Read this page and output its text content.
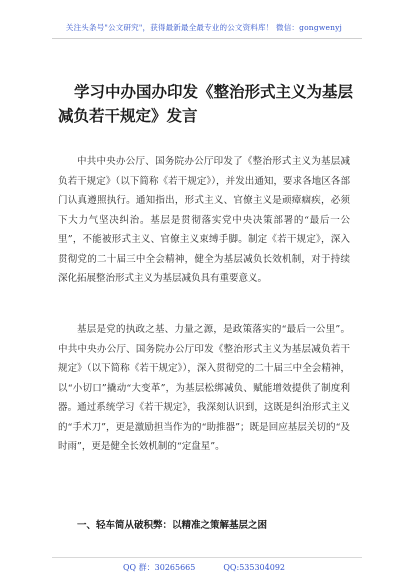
关注头条号"公文研究"，获得最新最全最专业的公文资料库！ 微信：gongwenyj
学习中办国办印发《整治形式主义为基层减负若干规定》发言

中共中央办公厅、国务院办公厅印发了《整治形式主义为基层减负若干规定》（以下简称《若干规定》），并发出通知，要求各地区各部门认真遵照执行。通知指出，形式主义、官僚主义是顽瘴痼疾，必须下大力气坚决纠治。基层是贯彻落实党中央决策部署的“最后一公里”，不能被形式主义、官僚主义束缚手脚。制定《若干规定》，深入贯彻党的二十届三中全会精神，健全为基层减负长效机制，对于持续深化拓展整治形式主义为基层减负具有重要意义。

基层是党的执政之基、力量之源，是政策落实的“最后一公里”。中共中央办公厅、国务院办公厅印发《整治形式主义为基层减负若干规定》（以下简称《若干规定》），深入贯彻党的二十届三中全会精神，以“小切口”撬动“大变革”，为基层松绑减负、赋能增效提供了制度利器。通过系统学习《若干规定》，我深刻认识到，这既是纠治形式主义的“手术刀”，更是激励担当作为的“助推器”；既是回应基层关切的“及时雨”，更是健全长效机制的“定盘星”。

一、轻车简从破积弊：以精准之策解基层之困

QQ 群：30265665	QQ:535304092
